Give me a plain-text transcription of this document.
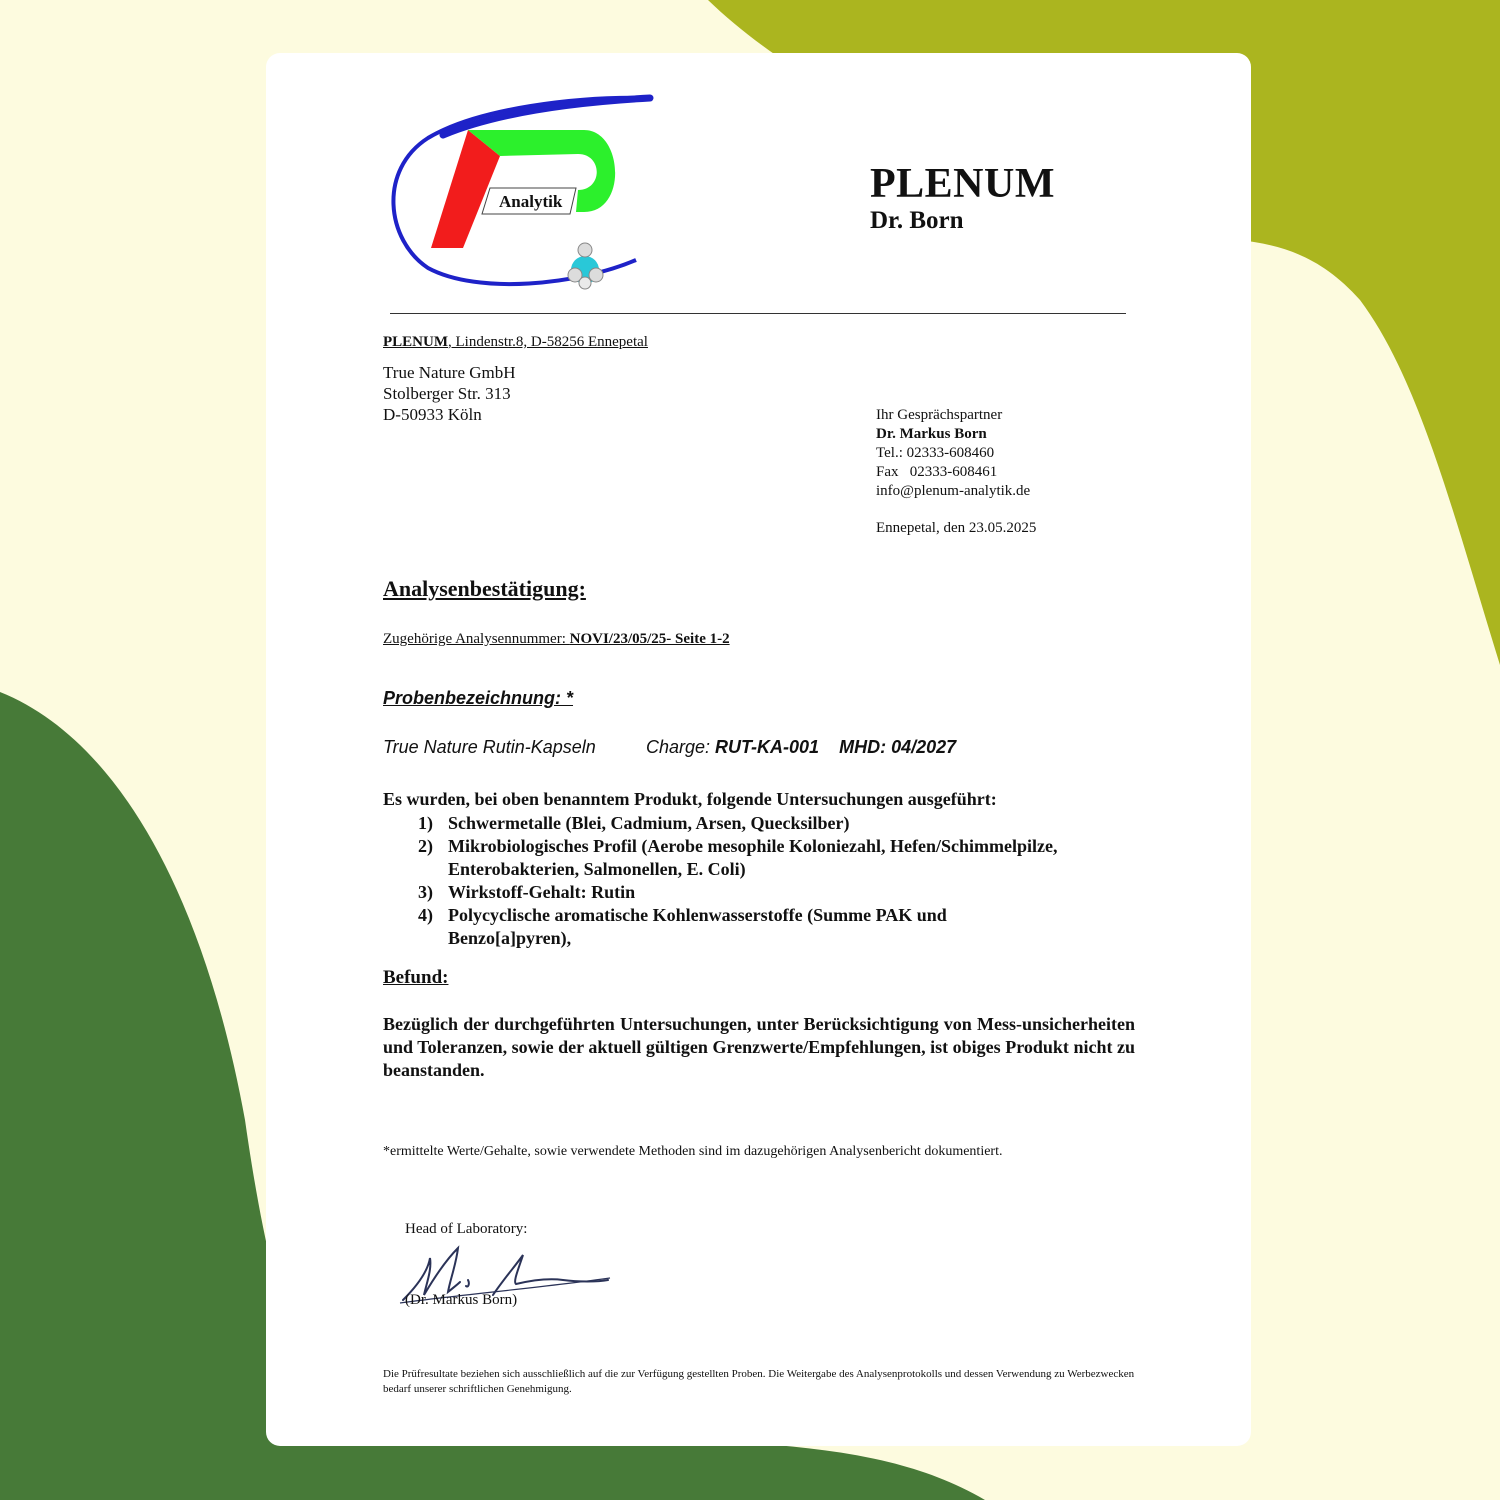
Analytik	PLENUM
Dr. Born
PLENUM, Lindenstr.8, D-58256 Ennepetal
True Nature GmbH
Stolberger Str. 313
D-50933 Köln	Ihr Gesprächspartner
Dr. Markus Born
Tel.: 02333-608460
Fax   02333-608461
info@plenum-analytik.de
Ennepetal, den 23.05.2025
Analysenbestätigung:
Zugehörige Analysennummer: NOVI/23/05/25- Seite 1-2
Probenbezeichnung: *
True Nature Rutin-Kapseln	Charge: RUT-KA-001 MHD: 04/2027
Es wurden, bei oben benanntem Produkt, folgende Untersuchungen ausgeführt:
1) Schwermetalle (Blei, Cadmium, Arsen, Quecksilber)
2) Mikrobiologisches Profil (Aerobe mesophile Koloniezahl, Hefen/Schimmelpilze, Enterobakterien, Salmonellen, E. Coli)
3) Wirkstoff-Gehalt: Rutin
4) Polycyclische aromatische Kohlenwasserstoffe (Summe PAK und Benzo[a]pyren),
Befund:
Bezüglich der durchgeführten Untersuchungen, unter Berücksichtigung von Mess-unsicherheiten und Toleranzen, sowie der aktuell gültigen Grenzwerte/Empfehlungen, ist obiges Produkt nicht zu beanstanden.
*ermittelte Werte/Gehalte, sowie verwendete Methoden sind im dazugehörigen Analysenbericht dokumentiert.
Head of Laboratory:
(Dr. Markus Born)
Die Prüfresultate beziehen sich ausschließlich auf die zur Verfügung gestellten Proben. Die Weitergabe des Analysenprotokolls und dessen Verwendung zu Werbezwecken bedarf unserer schriftlichen Genehmigung.
